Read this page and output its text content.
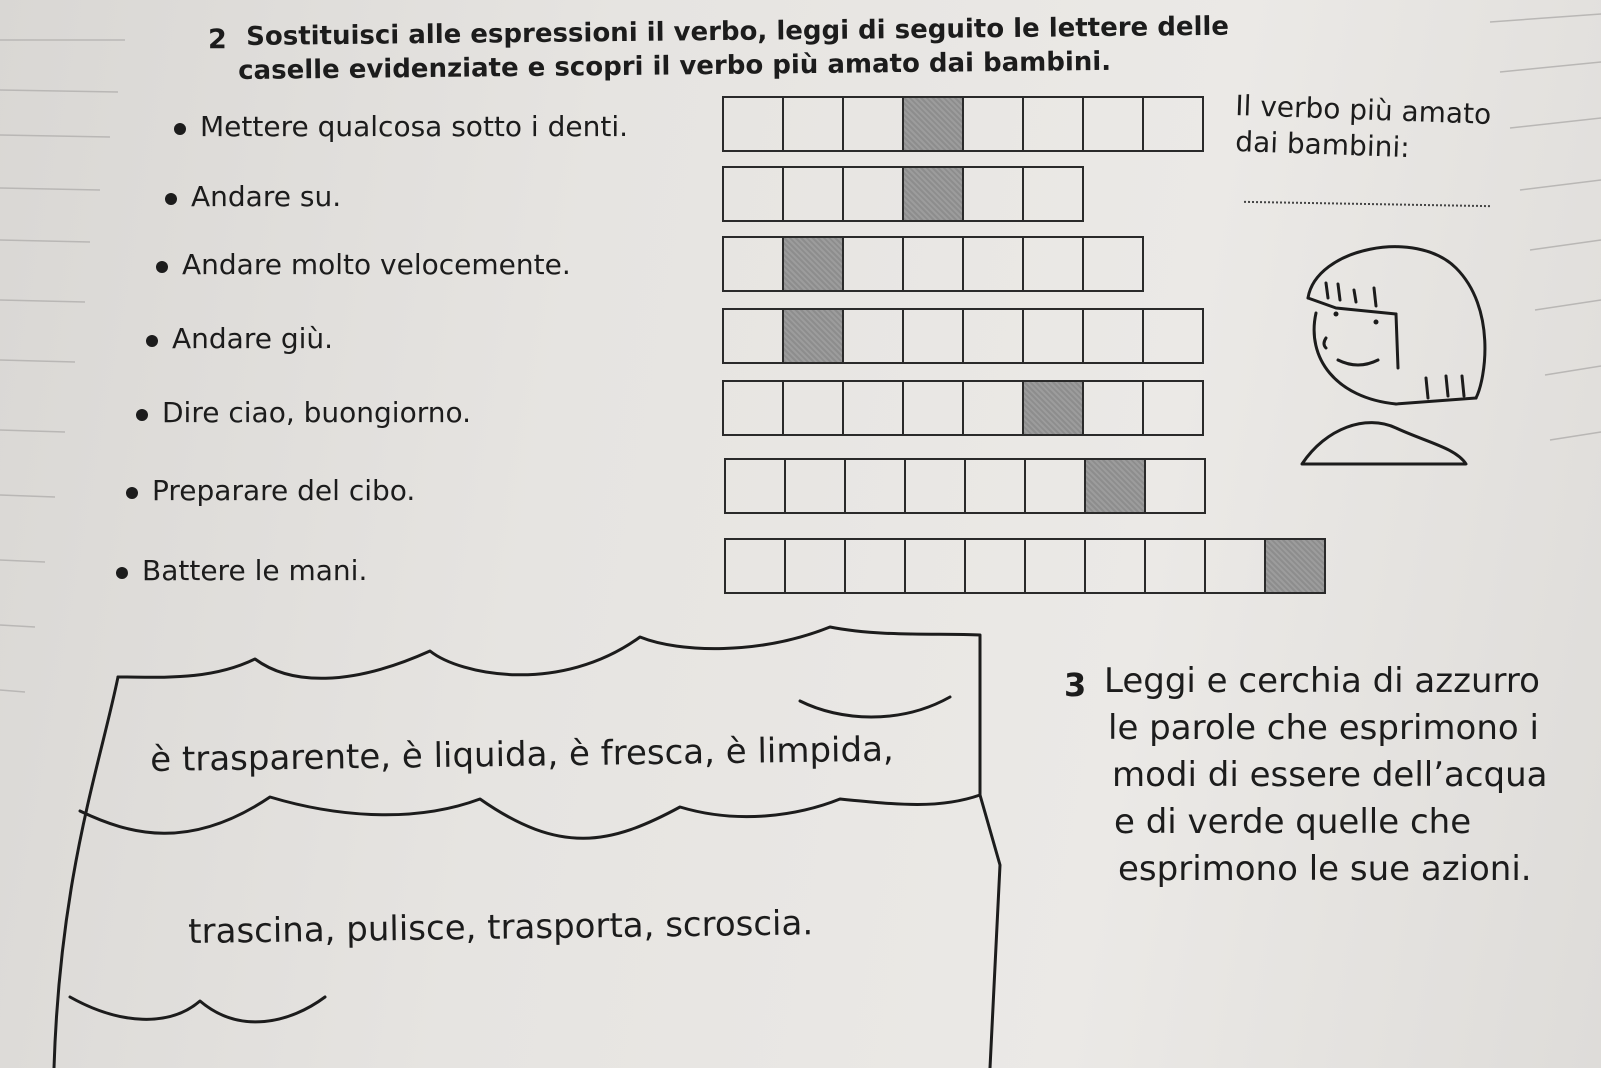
2 Sostituisci alle espressioni il verbo, leggi di seguito le lettere delle
caselle evidenziate e scopri il verbo più amato dai bambini.
Mettere qualcosa sotto i denti.
Andare su.
Andare molto velocemente.
Andare giù.
Dire ciao, buongiorno.
Preparare del cibo.
Battere le mani.
Il verbo più amato
dai bambini:
è trasparente, è liquida, è fresca, è limpida,
trascina, pulisce, trasporta, scroscia.
3 Leggi e cerchia di azzurro
le parole che esprimono i
modi di essere dell’acqua
e di verde quelle che
esprimono le sue azioni.
